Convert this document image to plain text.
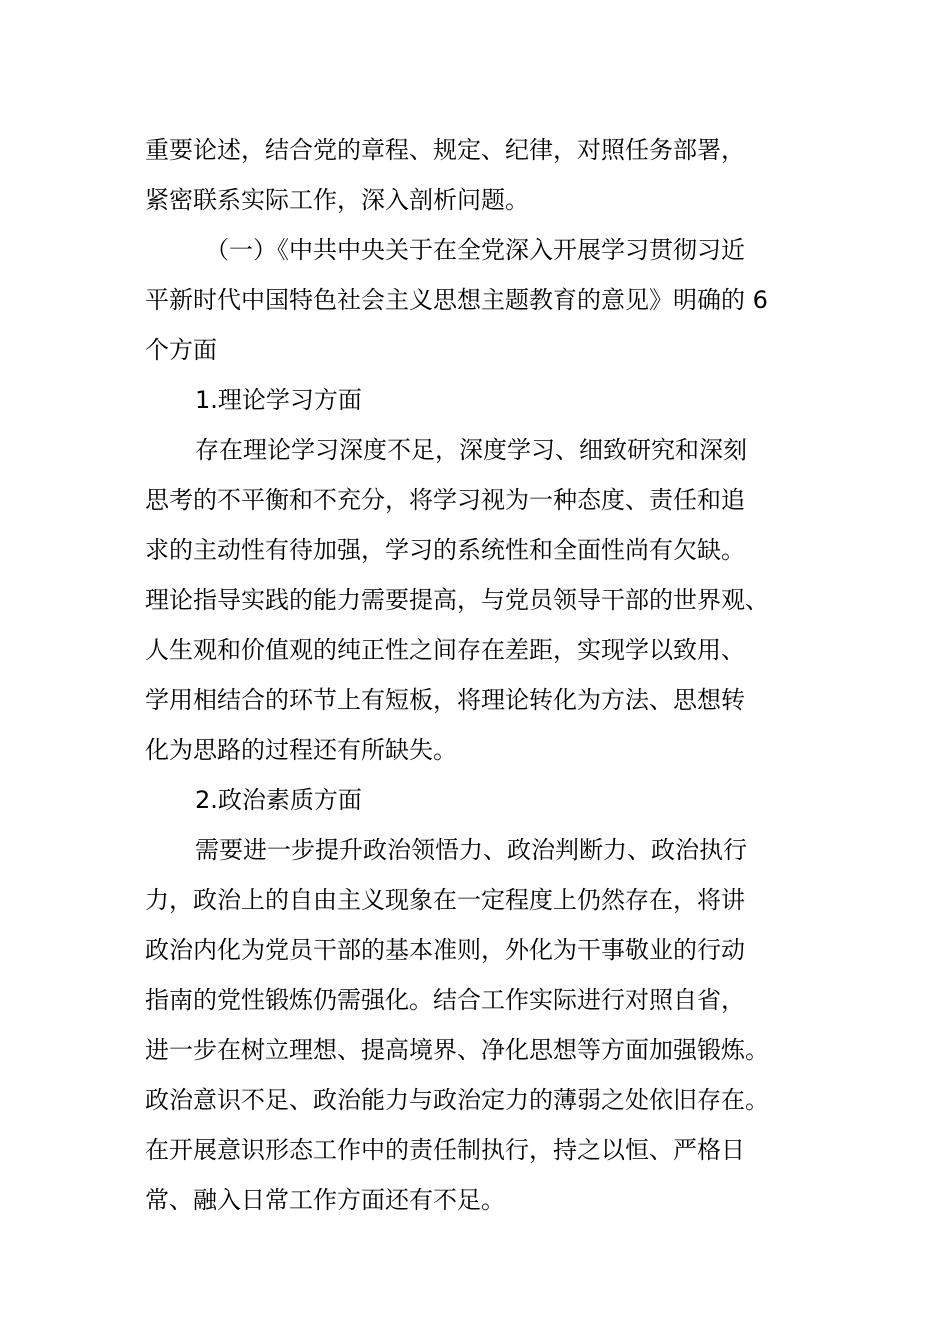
重要论述，结合党的章程、规定、纪律，对照任务部署，
紧密联系实际工作，深入剖析问题。
（一）《中共中央关于在全党深入开展学习贯彻习近
平新时代中国特色社会主义思想主题教育的意见》明确的 6
个方面
1.理论学习方面
存在理论学习深度不足，深度学习、细致研究和深刻
思考的不平衡和不充分，将学习视为一种态度、责任和追
求的主动性有待加强，学习的系统性和全面性尚有欠缺。
理论指导实践的能力需要提高，与党员领导干部的世界观、
人生观和价值观的纯正性之间存在差距，实现学以致用、
学用相结合的环节上有短板，将理论转化为方法、思想转
化为思路的过程还有所缺失。
2.政治素质方面
需要进一步提升政治领悟力、政治判断力、政治执行
力，政治上的自由主义现象在一定程度上仍然存在，将讲
政治内化为党员干部的基本准则，外化为干事敬业的行动
指南的党性锻炼仍需强化。结合工作实际进行对照自省，
进一步在树立理想、提高境界、净化思想等方面加强锻炼。
政治意识不足、政治能力与政治定力的薄弱之处依旧存在。
在开展意识形态工作中的责任制执行，持之以恒、严格日
常、融入日常工作方面还有不足。
